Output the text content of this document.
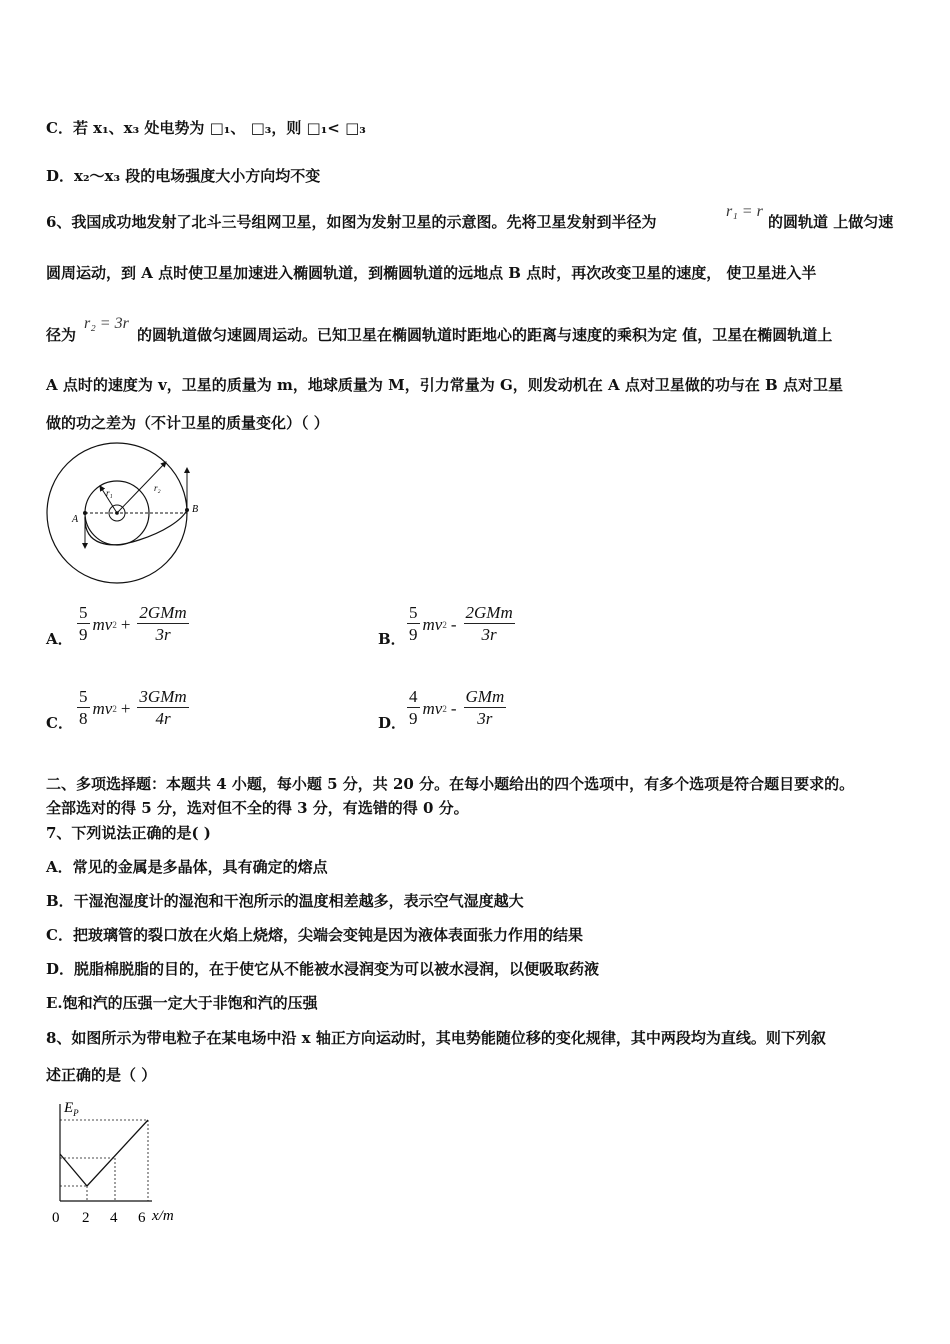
C．若 x₁、x₃ 处电势为 □₁、 □₃，则 □₁< □₃
D．x₂～x₃ 段的电场强度大小方向均不变
6、我国成功地发射了北斗三号组网卫星，如图为发射卫星的示意图。先将卫星发射到半径为
r₁ = r
的圆轨道 上做匀速
圆周运动，到 A 点时使卫星加速进入椭圆轨道，到椭圆轨道的远地点 B 点时，再次改变卫星的速度， 使卫星进入半
径为
r₂ = 3r
的圆轨道做匀速圆周运动。已知卫星在椭圆轨道时距地心的距离与速度的乘积为定 值，卫星在椭圆轨道上
A 点时的速度为 v，卫星的质量为 m，地球质量为 M，引力常量为 G，则发动机在 A 点对卫星做的功与在 B 点对卫星
做的功之差为（不计卫星的质量变化）（ ）
r₁	r₂
A
B
A． $\frac{5}{9}$ mv $2 + \frac{\text{2GMm}}{3r}$	B． $\frac{5}{9}$ mv $2 - \frac{\text{2GMm}}{3r}$
C． $\frac{5}{8}$ mv $2 + \frac{\text{3GMm}}{4r}$	D． $\frac{4}{9}$ mv $2 - \frac{\text{GMm}}{3r}$
二、多项选择题：本题共 4 小题，每小题 5 分，共 20 分。在每小题给出的四个选项中，有多个选项是符合题目要求的。
全部选对的得 5 分，选对但不全的得 3 分，有选错的得 0 分。
7、下列说法正确的是( )
A．常见的金属是多晶体，具有确定的熔点
B．干湿泡湿度计的湿泡和干泡所示的温度相差越多，表示空气湿度越大
C．把玻璃管的裂口放在火焰上烧熔，尖端会变钝是因为液体表面张力作用的结果
D．脱脂棉脱脂的目的，在于使它从不能被水浸润变为可以被水浸润，以便吸取药液
E.饱和汽的压强一定大于非饱和汽的压强
8、如图所示为带电粒子在某电场中沿 x 轴正方向运动时，其电势能随位移的变化规律，其中两段均为直线。则下列叙
述正确的是（ ）
$E_P$
0 2 4 6 x/m
